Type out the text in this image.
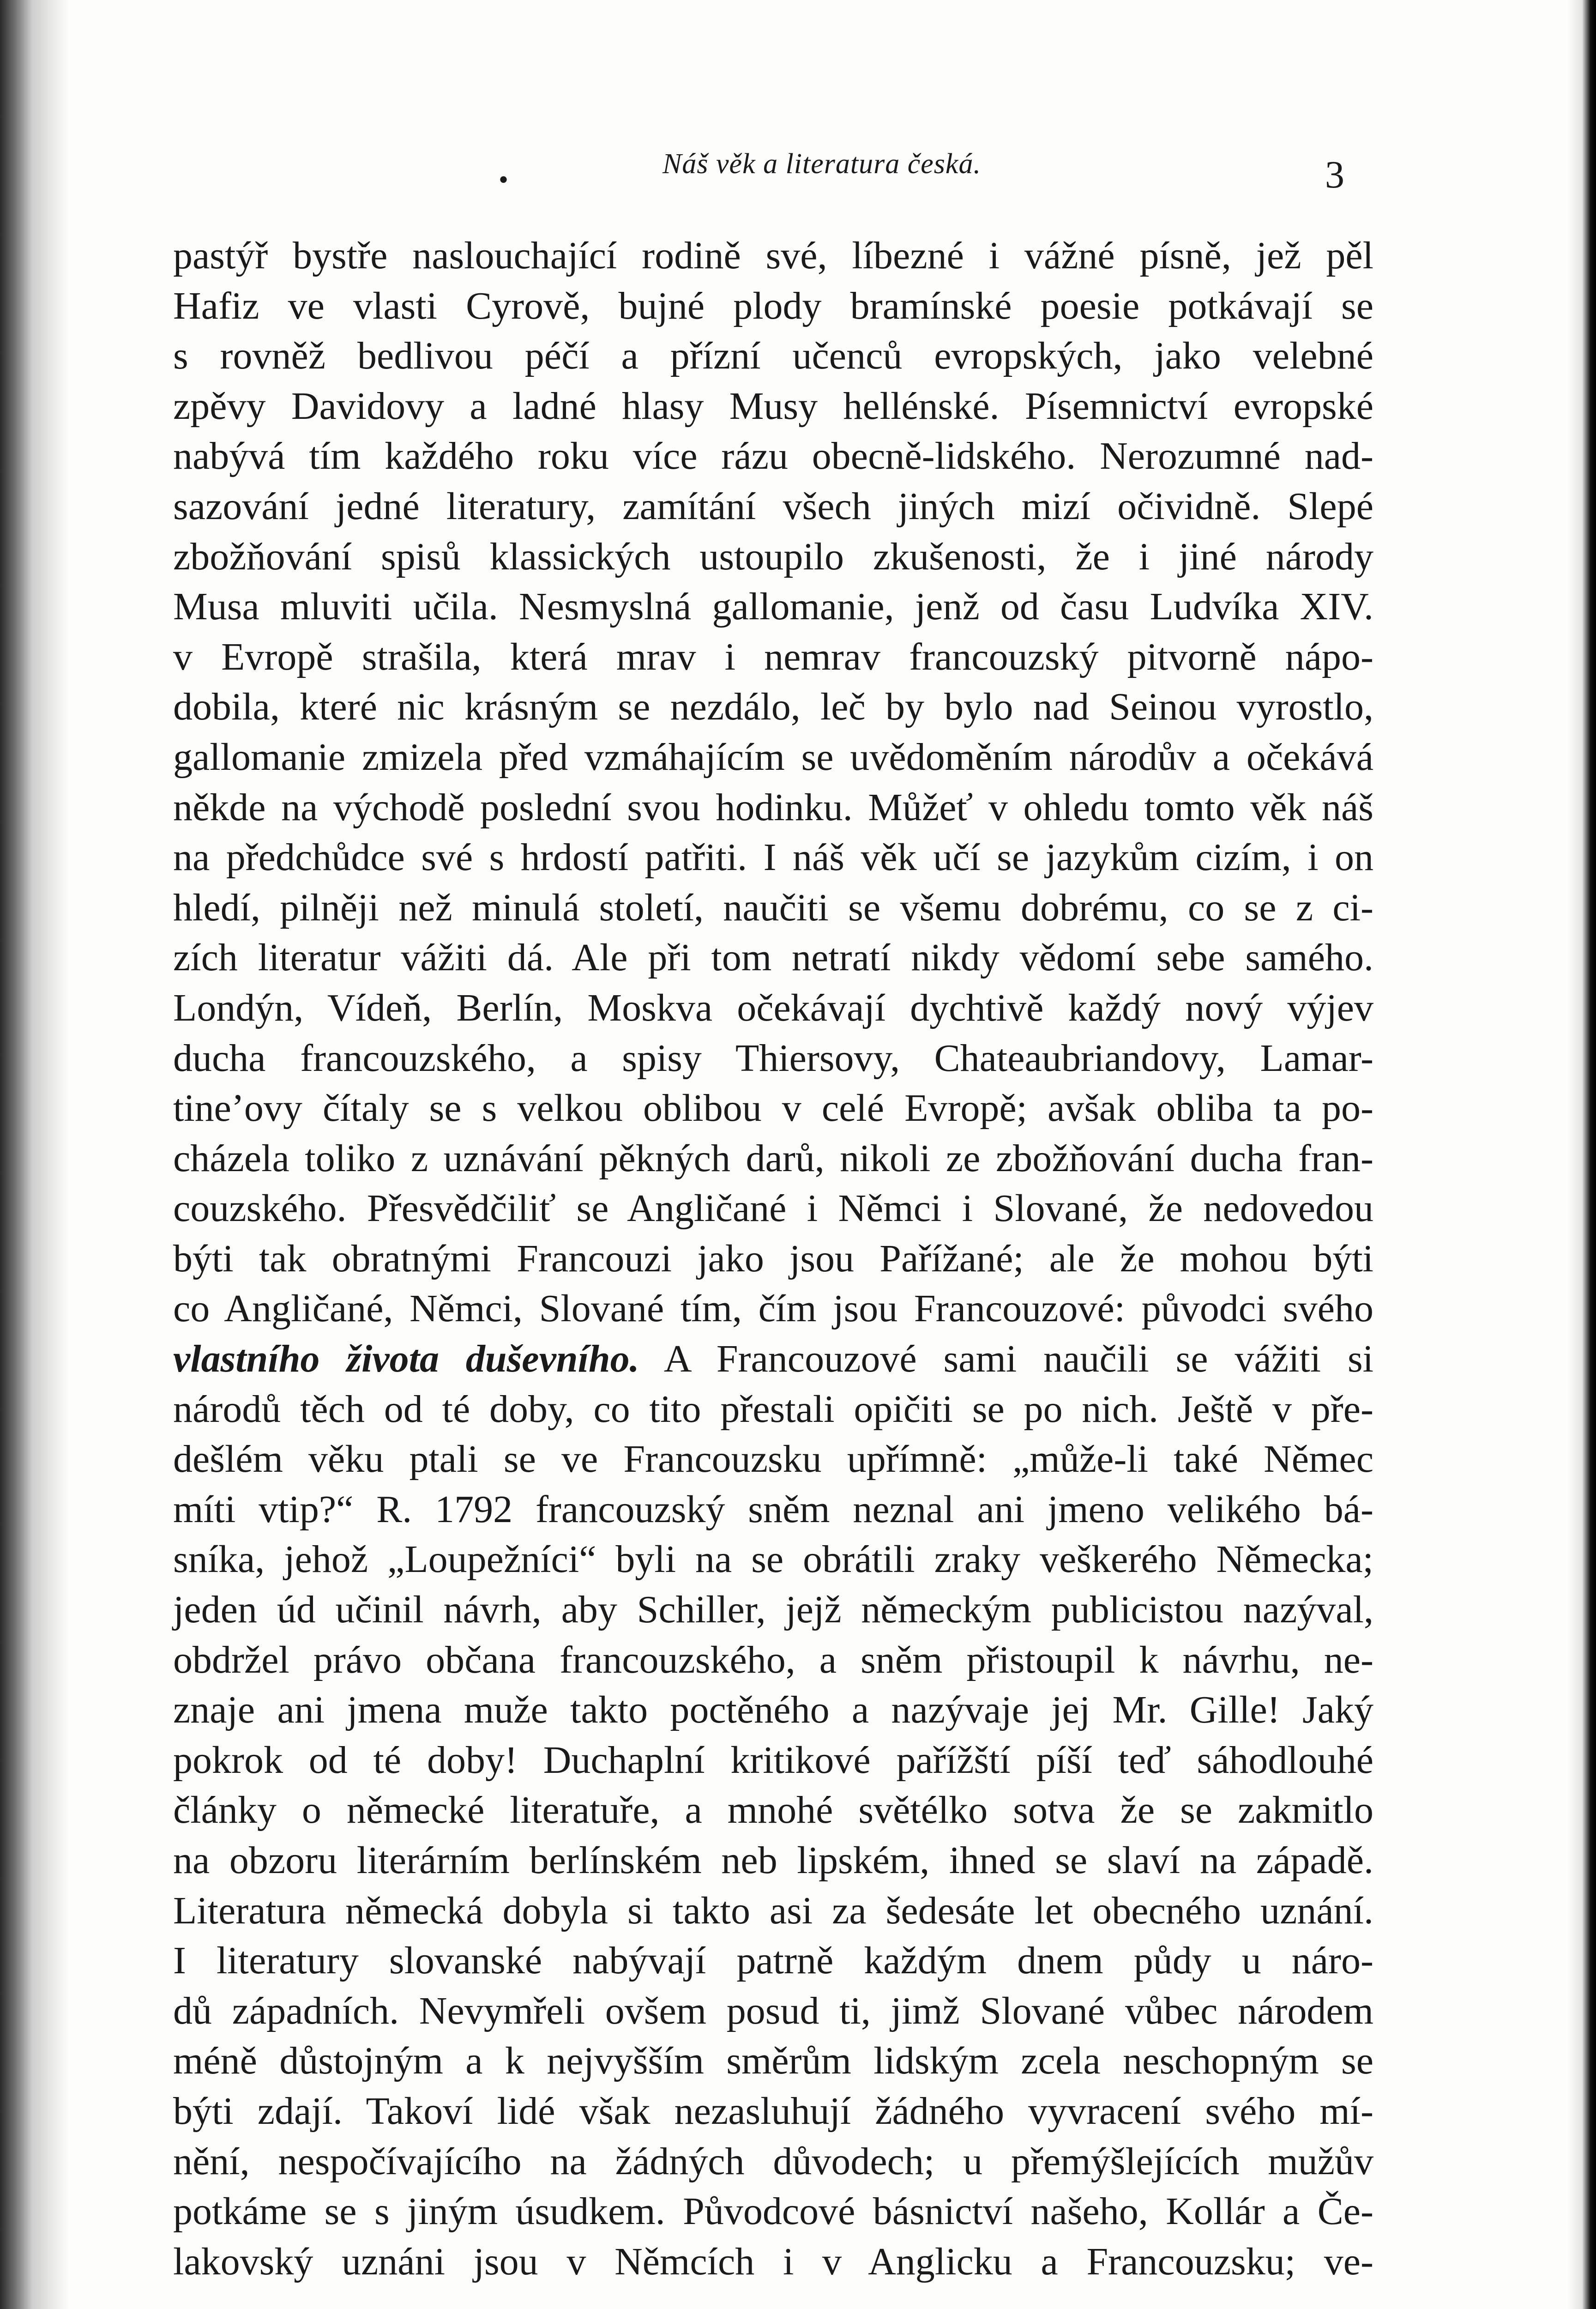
•	Náš věk a literatura česká.	3
pastýř bystře naslouchající rodině své, líbezné i vážné písně, jež pěl
Hafiz ve vlasti Cyrově, bujné plody bramínské poesie potkávají se
s rovněž bedlivou péčí a přízní učenců evropských, jako velebné
zpěvy Davidovy a ladné hlasy Musy hellénské. Písemnictví evropské
nabývá tím každého roku více rázu obecně-lidského. Nerozumné nad-
sazování jedné literatury, zamítání všech jiných mizí očividně. Slepé
zbožňování spisů klassických ustoupilo zkušenosti, že i jiné národy
Musa mluviti učila. Nesmyslná gallomanie, jenž od času Ludvíka XIV.
v Evropě strašila, která mrav i nemrav francouzský pitvorně nápo-
dobila, které nic krásným se nezdálo, leč by bylo nad Seinou vyrostlo,
gallomanie zmizela před vzmáhajícím se uvědoměním národův a očekává
někde na východě poslední svou hodinku. Můžeť v ohledu tomto věk náš
na předchůdce své s hrdostí patřiti. I náš věk učí se jazykům cizím, i on
hledí, pilněji než minulá století, naučiti se všemu dobrému, co se z ci-
zích literatur vážiti dá. Ale při tom netratí nikdy vědomí sebe samého.
Londýn, Vídeň, Berlín, Moskva očekávají dychtivě každý nový výjev
ducha francouzského, a spisy Thiersovy, Chateaubriandovy, Lamar-
tine’ovy čítaly se s velkou oblibou v celé Evropě; avšak obliba ta po-
cházela toliko z uznávání pěkných darů, nikoli ze zbožňování ducha fran-
couzského. Přesvědčiliť se Angličané i Němci i Slované, že nedovedou
býti tak obratnými Francouzi jako jsou Pařížané; ale že mohou býti
co Angličané, Němci, Slované tím, čím jsou Francouzové: původci svého
vlastního života duševního. A Francouzové sami naučili se vážiti si
národů těch od té doby, co tito přestali opičiti se po nich. Ještě v pře-
dešlém věku ptali se ve Francouzsku upřímně: „může-li také Němec
míti vtip?“ R. 1792 francouzský sněm neznal ani jmeno velikého bá-
sníka, jehož „Loupežníci“ byli na se obrátili zraky veškerého Německa;
jeden úd učinil návrh, aby Schiller, jejž německým publicistou nazýval,
obdržel právo občana francouzského, a sněm přistoupil k návrhu, ne-
znaje ani jmena muže takto poctěného a nazývaje jej Mr. Gille! Jaký
pokrok od té doby! Duchaplní kritikové pařížští píší teď sáhodlouhé
články o německé literatuře, a mnohé světélko sotva že se zakmitlo
na obzoru literárním berlínském neb lipském, ihned se slaví na západě.
Literatura německá dobyla si takto asi za šedesáte let obecného uznání.
I literatury slovanské nabývají patrně každým dnem půdy u náro-
dů západních. Nevymřeli ovšem posud ti, jimž Slované vůbec národem
méně důstojným a k nejvyšším směrům lidským zcela neschopným se
býti zdají. Takoví lidé však nezasluhují žádného vyvracení svého mí-
nění, nespočívajícího na žádných důvodech; u přemýšlejících mužův
potkáme se s jiným úsudkem. Původcové básnictví našeho, Kollár a Če-
lakovský uznáni jsou v Němcích i v Anglicku a Francouzsku; ve-
